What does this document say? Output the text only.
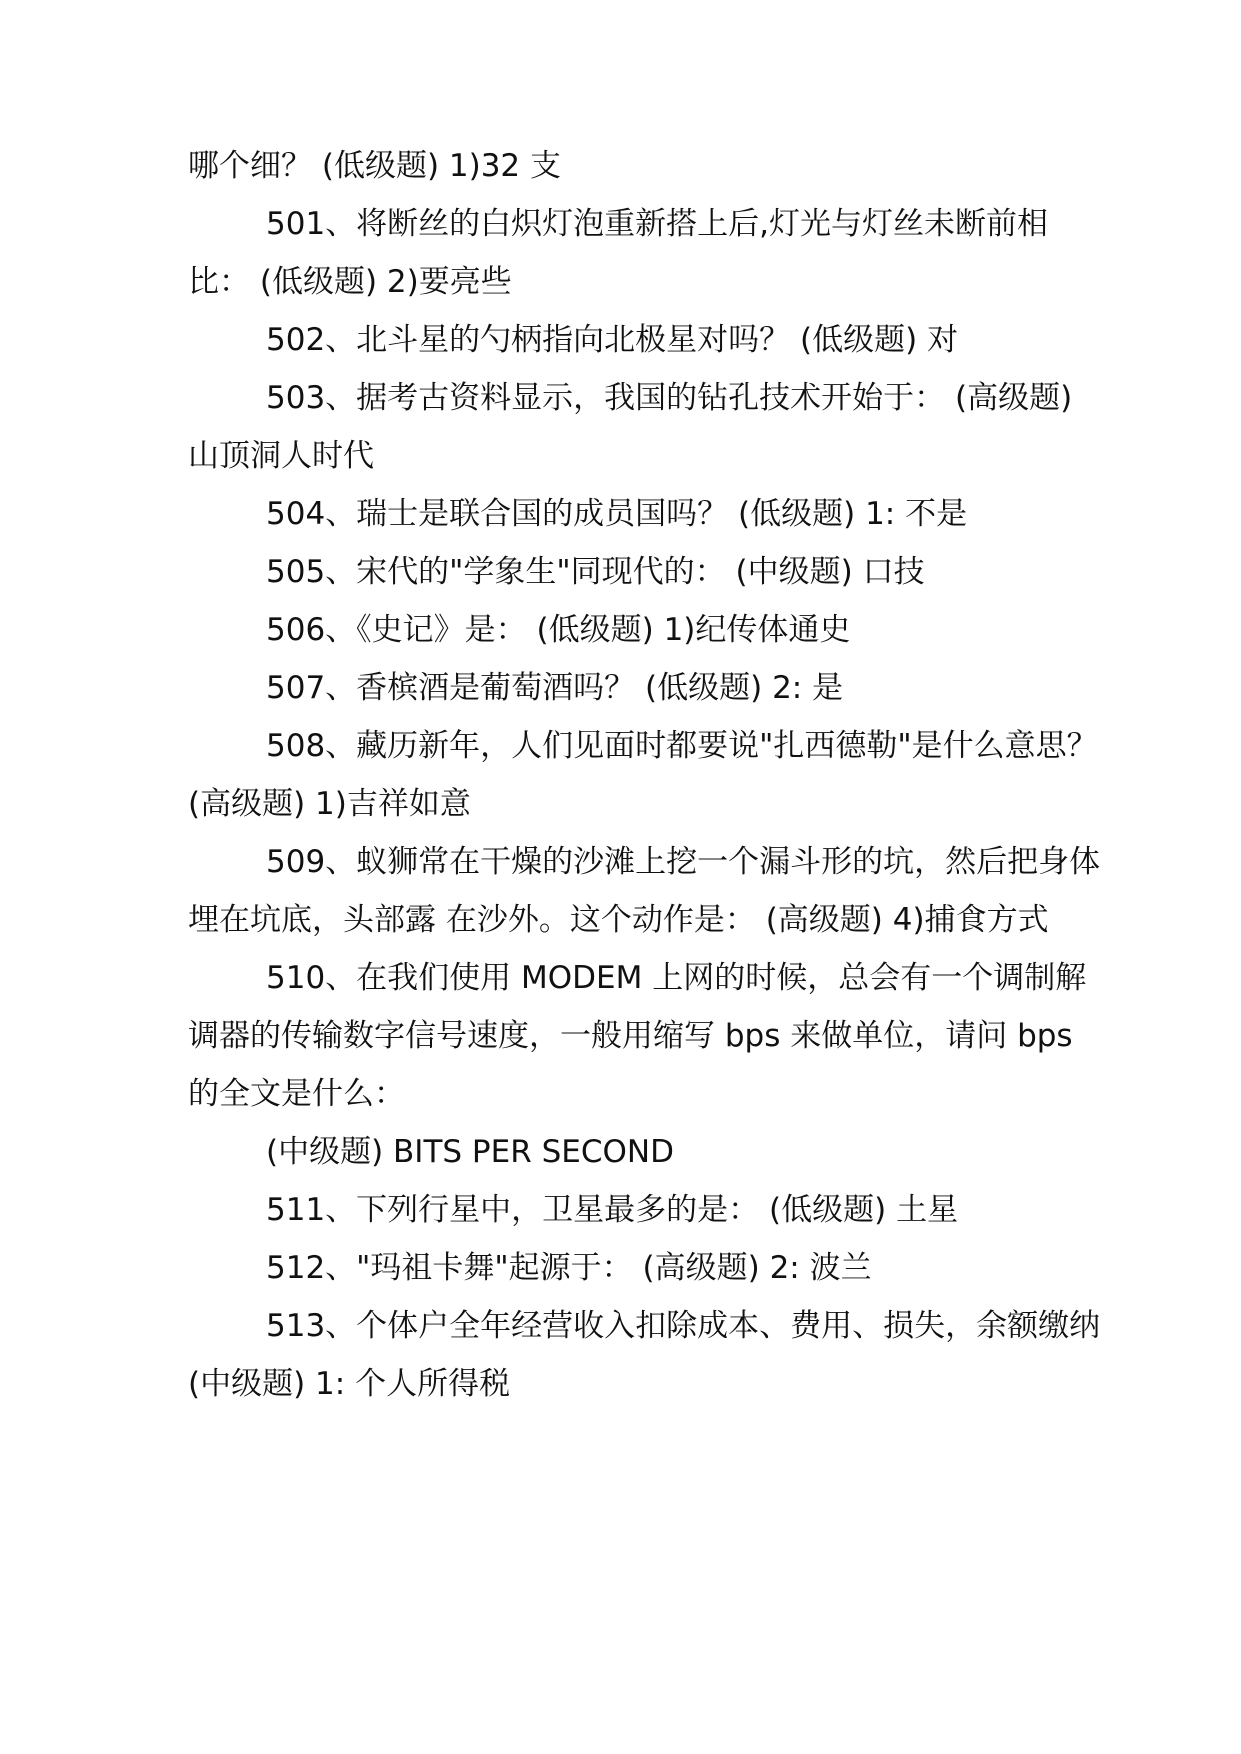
哪个细？ (低级题) 1)32 支
501、将断丝的白炽灯泡重新搭上后,灯光与灯丝未断前相
比： (低级题) 2)要亮些
502、北斗星的勺柄指向北极星对吗？ (低级题) 对
503、据考古资料显示，我国的钻孔技术开始于： (高级题)
山顶洞人时代
504、瑞士是联合国的成员国吗？ (低级题) 1: 不是
505、宋代的"学象生"同现代的： (中级题) 口技
506、《史记》是： (低级题) 1)纪传体通史
507、香槟酒是葡萄酒吗？ (低级题) 2: 是
508、藏历新年，人们见面时都要说"扎西德勒"是什么意思？
(高级题) 1)吉祥如意
509、蚁狮常在干燥的沙滩上挖一个漏斗形的坑，然后把身体
埋在坑底，头部露 在沙外。这个动作是： (高级题) 4)捕食方式
510、在我们使用 MODEM 上网的时候，总会有一个调制解
调器的传输数字信号速度，一般用缩写 bps 来做单位，请问 bps
的全文是什么：
(中级题) BITS PER SECOND
511、下列行星中，卫星最多的是： (低级题) 土星
512、"玛祖卡舞"起源于： (高级题) 2: 波兰
513、个体户全年经营收入扣除成本、费用、损失，余额缴纳
(中级题) 1: 个人所得税
